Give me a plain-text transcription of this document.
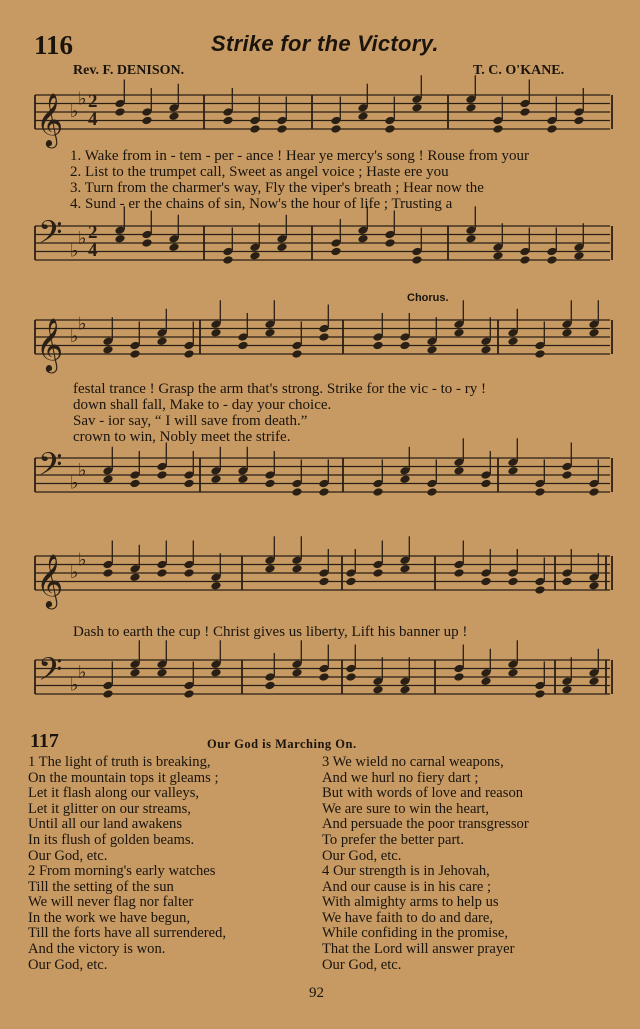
116	Strike for the Victory.
Rev. F. DENISON.	T. C. O'KANE.
♭
♭
𝄞 2
4
♭
♭
𝄢 2
4
1. Wake from in - tem - per - ance ! Hear ye mercy's song ! Rouse from your
2. List to the trumpet call, Sweet as angel voice ; Haste ere you
3. Turn from the charmer's way, Fly the viper's breath ; Hear now the
4. Sund - er the chains of sin, Now's the hour of life ; Trusting a
Chorus.
♭
♭
𝄞
♭
♭
𝄢
festal trance ! Grasp the arm that's strong. Strike for the vic - to - ry !
down shall fall, Make to - day your choice.
Sav - ior say, “ I will save from death.”
crown to win, Nobly meet the strife.
♭
♭
𝄞
Dash to earth the cup ! Christ gives us liberty, Lift his banner up !
♭
♭
𝄢
117	Our God is Marching On.
1 The light of truth is breaking,
On the mountain tops it gleams ;
Let it flash along our valleys,
Let it glitter on our streams,
Until all our land awakens
In its flush of golden beams.
Our God, etc.
2 From morning's early watches
Till the setting of the sun
We will never flag nor falter
In the work we have begun,
Till the forts have all surrendered,
And the victory is won.
Our God, etc.
3 We wield no carnal weapons,
And we hurl no fiery dart ;
But with words of love and reason
We are sure to win the heart,
And persuade the poor transgressor
To prefer the better part.
Our God, etc.
4 Our strength is in Jehovah,
And our cause is in his care ;
With almighty arms to help us
We have faith to do and dare,
While confiding in the promise,
That the Lord will answer prayer
Our God, etc.
92
